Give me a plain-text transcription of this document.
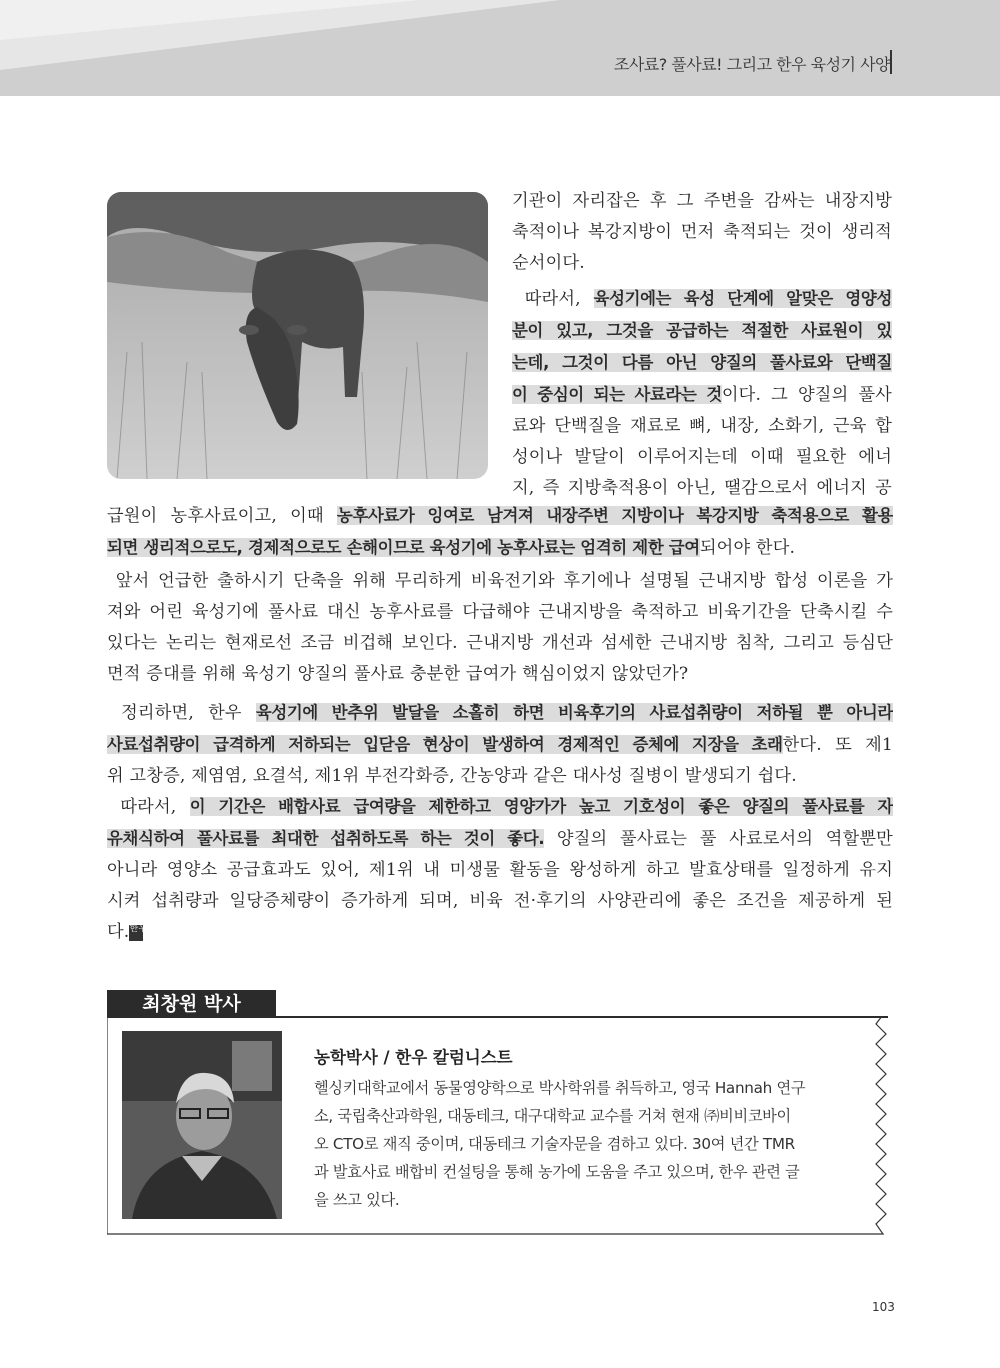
조사료? 풀사료! 그리고 한우 육성기 사양
기관이 자리잡은 후 그 주변을 감싸는 내장지방
축적이나 복강지방이 먼저 축적되는 것이 생리적
순서이다.
따라서, 육성기에는 육성 단계에 알맞은 영양성
분이 있고, 그것을 공급하는 적절한 사료원이 있
는데, 그것이 다름 아닌 양질의 풀사료와 단백질
이 중심이 되는 사료라는 것이다. 그 양질의 풀사
료와 단백질을 재료로 뼈, 내장, 소화기, 근육 합
성이나 발달이 이루어지는데 이때 필요한 에너
지, 즉 지방축적용이 아닌, 땔감으로서 에너지 공
급원이 농후사료이고, 이때 농후사료가 잉여로 남겨져 내장주변 지방이나 복강지방 축적용으로 활용
되면 생리적으로도, 경제적으로도 손해이므로 육성기에 농후사료는 엄격히 제한 급여되어야 한다.
앞서 언급한 출하시기 단축을 위해 무리하게 비육전기와 후기에나 설명될 근내지방 합성 이론을 가
져와 어린 육성기에 풀사료 대신 농후사료를 다급해야 근내지방을 축적하고 비육기간을 단축시킬 수
있다는 논리는 현재로선 조금 비겁해 보인다. 근내지방 개선과 섬세한 근내지방 침착, 그리고 등심단
면적 증대를 위해 육성기 양질의 풀사료 충분한 급여가 핵심이었지 않았던가?
정리하면, 한우 육성기에 반추위 발달을 소홀히 하면 비육후기의 사료섭취량이 저하될 뿐 아니라
사료섭취량이 급격하게 저하되는 입닫음 현상이 발생하여 경제적인 증체에 지장을 초래한다. 또 제1
위 고창증, 제염염, 요결석, 제1위 부전각화증, 간농양과 같은 대사성 질병이 발생되기 쉽다.
따라서, 이 기간은 배합사료 급여량을 제한하고 영양가가 높고 기호성이 좋은 양질의 풀사료를 자
유채식하여 풀사료를 최대한 섭취하도록 하는 것이 좋다. 양질의 풀사료는 풀 사료로서의 역할뿐만
아니라 영양소 공급효과도 있어, 제1위 내 미생물 활동을 왕성하게 하고 발효상태를 일정하게 유지
시켜 섭취량과 일당증체량이 증가하게 되며, 비육 전·후기의 사양관리에 좋은 조건을 제공하게 된
다.한우
최창원 박사
농학박사 / 한우 칼럼니스트
헬싱키대학교에서 동물영양학으로 박사학위를 취득하고, 영국 Hannah 연구
소, 국립축산과학원, 대동테크, 대구대학교 교수를 거쳐 현재 ㈜비비코바이
오 CTO로 재직 중이며, 대동테크 기술자문을 겸하고 있다. 30여 년간 TMR
과 발효사료 배합비 컨설팅을 통해 농가에 도움을 주고 있으며, 한우 관련 글
을 쓰고 있다.
103
